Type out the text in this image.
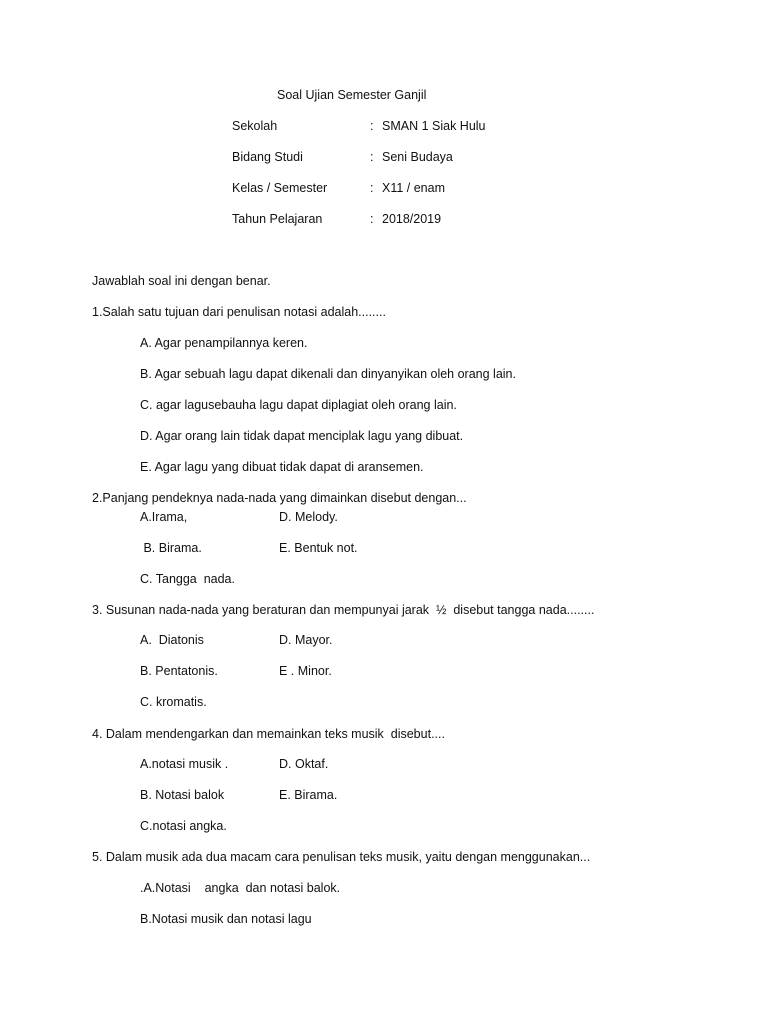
Soal Ujian Semester Ganjil
Sekolah	: SMAN 1 Siak Hulu
Bidang Studi	: Seni Budaya
Kelas / Semester	: X11 / enam
Tahun Pelajaran	: 2018/2019
Jawablah soal ini dengan benar.
1.Salah satu tujuan dari penulisan notasi adalah........
A. Agar penampilannya keren.
B. Agar sebuah lagu dapat dikenali dan dinyanyikan oleh orang lain.
C. agar lagusebauha lagu dapat diplagiat oleh orang lain.
D. Agar orang lain tidak dapat menciplak lagu yang dibuat.
E. Agar lagu yang dibuat tidak dapat di aransemen.
2.Panjang pendeknya nada-nada yang dimainkan disebut dengan...
A.Irama,	D. Melody.
B. Birama.	E. Bentuk not.
C. Tangga  nada.
3. Susunan nada-nada yang beraturan dan mempunyai jarak  ½  disebut tangga nada........
A.  Diatonis	D. Mayor.
B. Pentatonis.	E . Minor.
C. kromatis.
4. Dalam mendengarkan dan memainkan teks musik  disebut....
A.notasi musik .	D. Oktaf.
B. Notasi balok	E. Birama.
C.notasi angka.
5. Dalam musik ada dua macam cara penulisan teks musik, yaitu dengan menggunakan...
.A.Notasi    angka  dan notasi balok.
B.Notasi musik dan notasi lagu
